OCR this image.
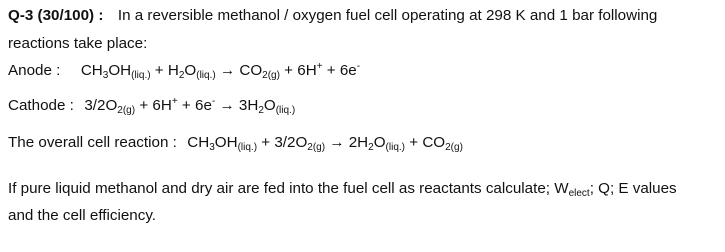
Q-3 (30/100) : In a reversible methanol / oxygen fuel cell operating at 298 K and 1 bar following
reactions take place:
Anode : $CH_3OH_{(liq.)} + H_2O_{(liq.)} \to CO_{2(g)} + 6H^+ + 6e^-$
Cathode : $3/2O_{2(g)} + 6H^+ + 6e^- \to 3H_2O_{(liq.)}$
The overall cell reaction : $CH_3OH_{(liq.)} + 3/2O_{2(g)} \to 2H_2O_{(liq.)} + CO_{2(g)}$
If pure liquid methanol and dry air are fed into the fuel cell as reactants calculate; $W_{elect}$; Q; E values
and the cell efficiency.
